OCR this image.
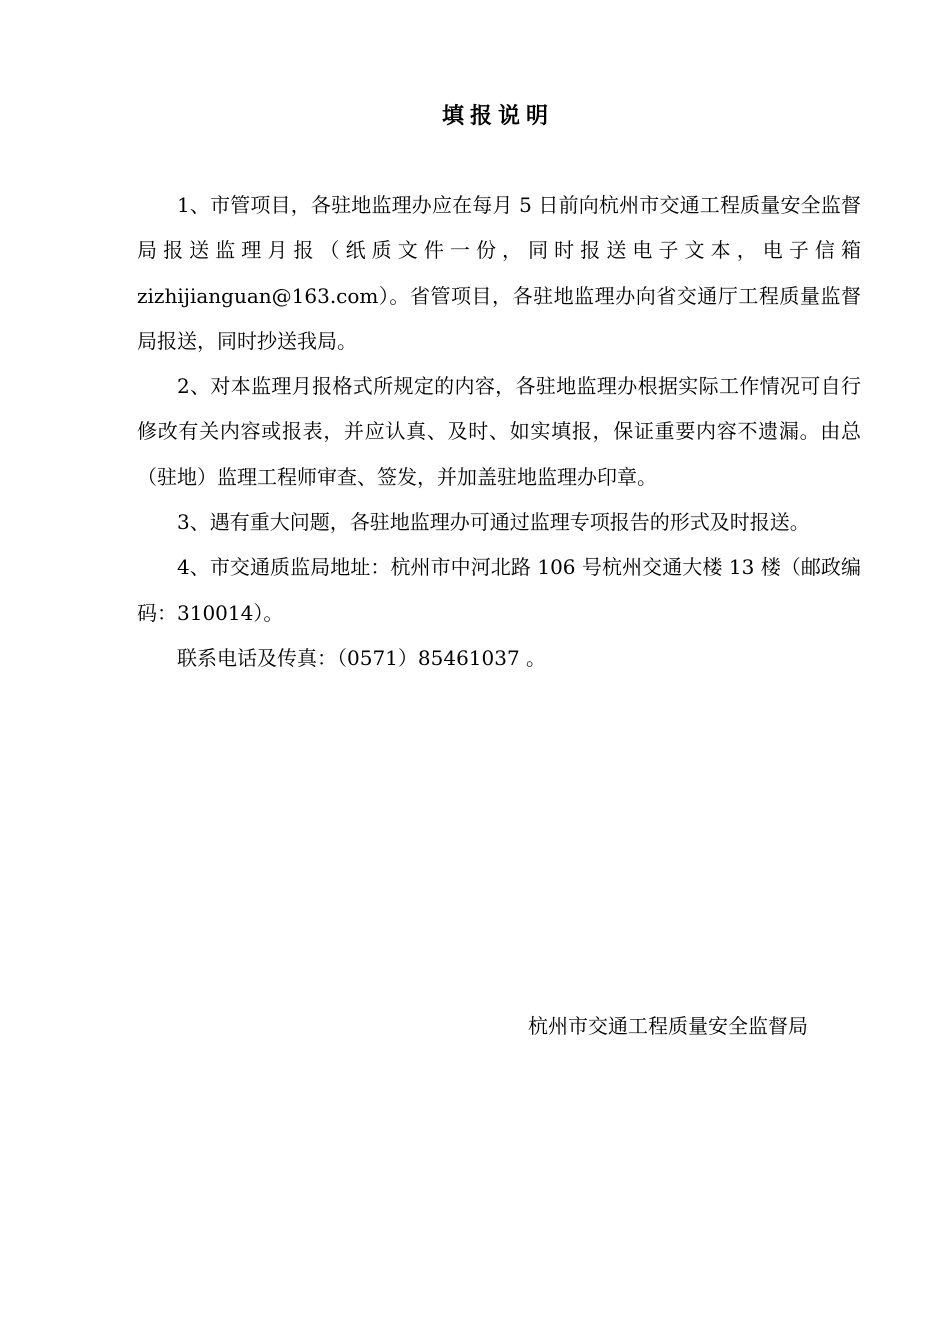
填报说明

1、市管项目，各驻地监理办应在每月 5 日前向杭州市交通工程质量安全监督局报送监理月报（纸质文件一份，同时报送电子文本，电子信箱 zizhijianguan@163.com）。省管项目，各驻地监理办向省交通厅工程质量监督局报送，同时抄送我局。

2、对本监理月报格式所规定的内容，各驻地监理办根据实际工作情况可自行修改有关内容或报表，并应认真、及时、如实填报，保证重要内容不遗漏。由总（驻地）监理工程师审查、签发，并加盖驻地监理办印章。

3、遇有重大问题，各驻地监理办可通过监理专项报告的形式及时报送。

4、市交通质监局地址：杭州市中河北路 106 号杭州交通大楼 13 楼（邮政编码：310014）。

联系电话及传真：（0571）85461037 。

杭州市交通工程质量安全监督局
